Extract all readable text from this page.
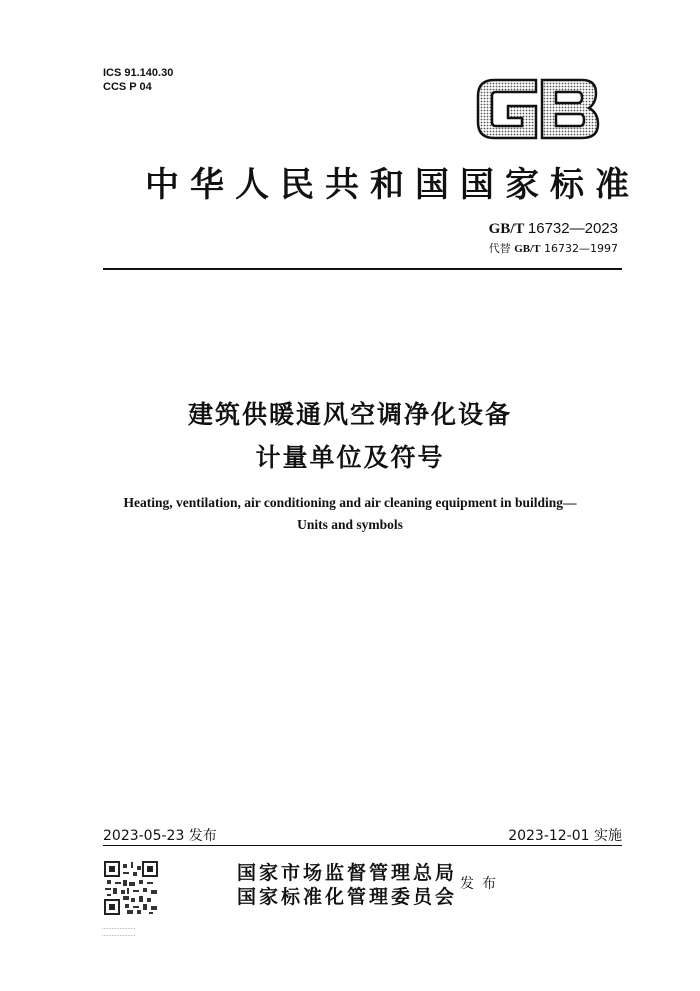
ICS 91.140.30
CCS P 04
中华人民共和国国家标准
GB/T 16732—2023
代替 GB/T 16732—1997
建筑供暖通风空调净化设备
计量单位及符号
Heating, ventilation, air conditioning and air cleaning equipment in building—
Units and symbols
2023-05-23 发布	2023-12-01 实施
·····················
·····················
国家市场监督管理总局
国家标准化管理委员会
发布
